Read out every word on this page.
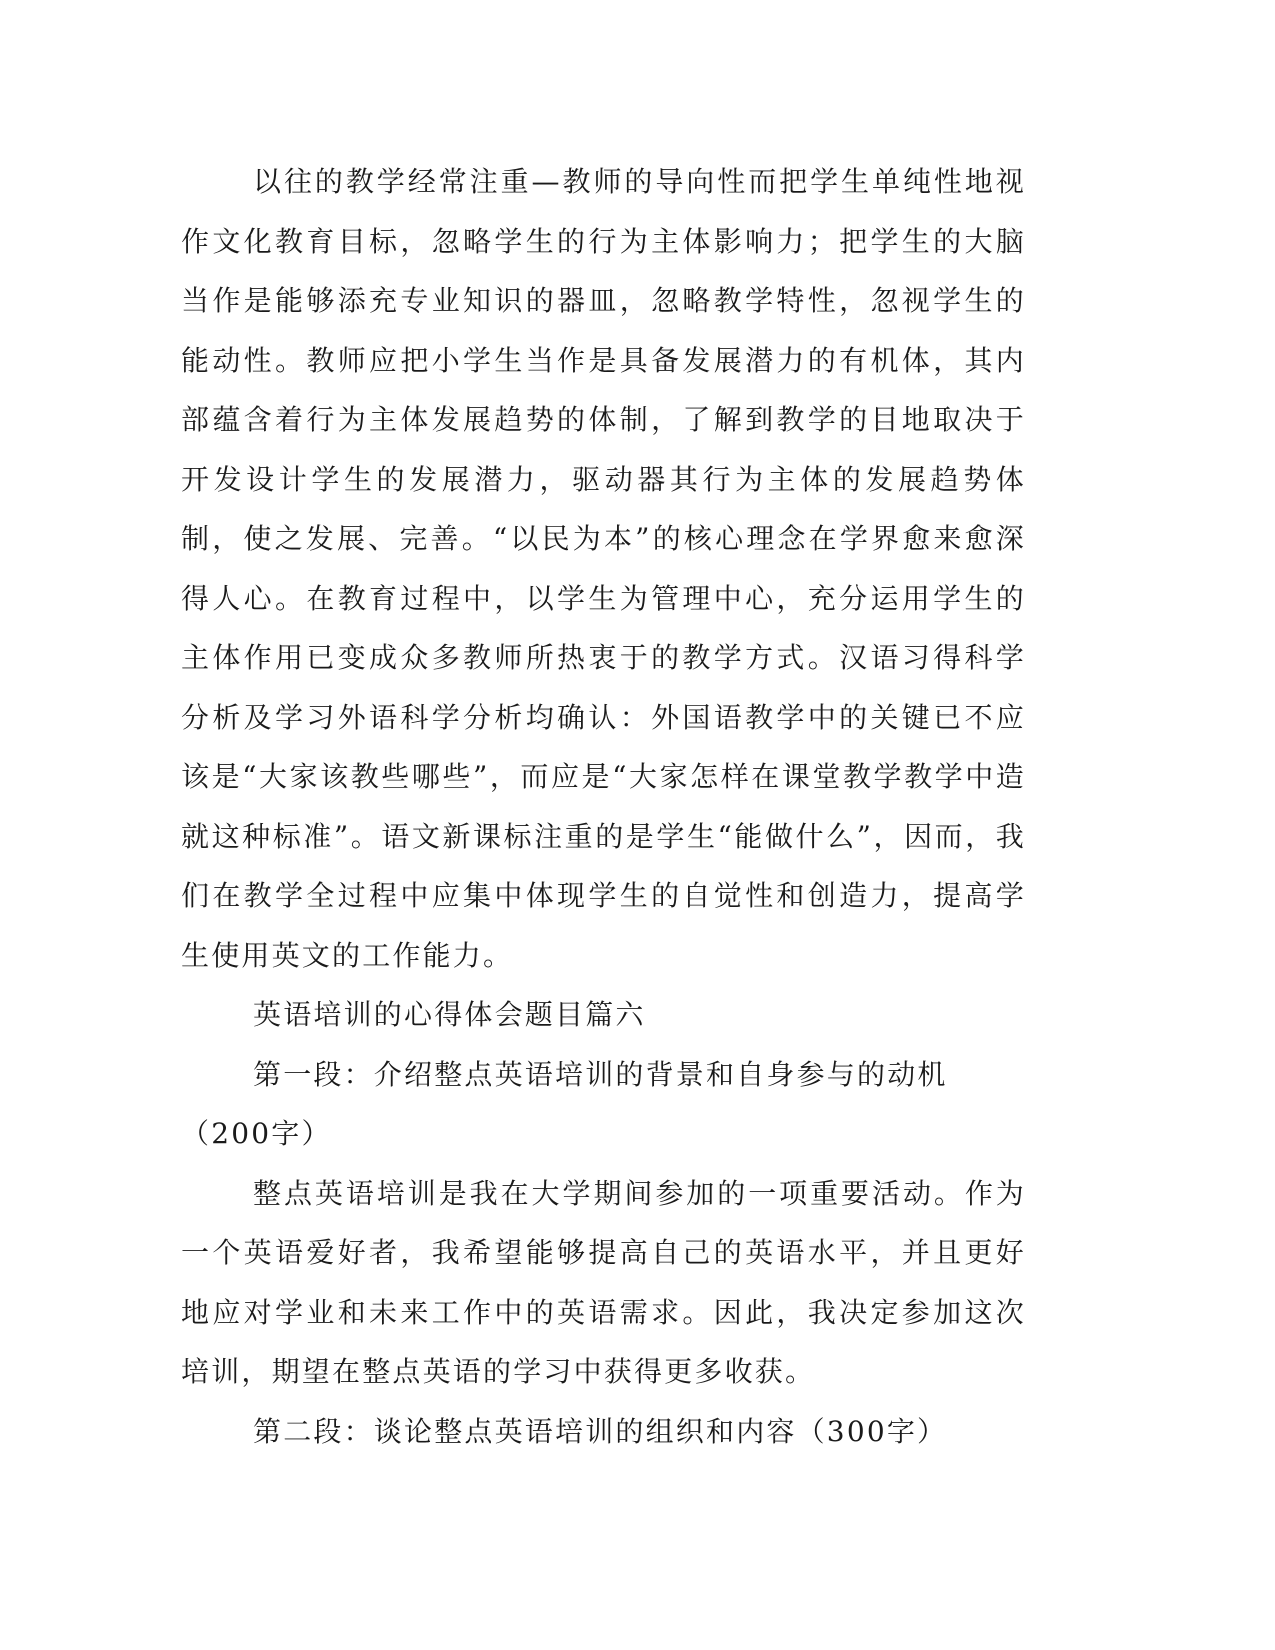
以往的教学经常注重—教师的导向性而把学生单纯性地视作文化教育目标，忽略学生的行为主体影响力；把学生的大脑当作是能够添充专业知识的器皿，忽略教学特性，忽视学生的能动性。教师应把小学生当作是具备发展潜力的有机体，其内部蕴含着行为主体发展趋势的体制，了解到教学的目地取决于开发设计学生的发展潜力，驱动器其行为主体的发展趋势体制，使之发展、完善。“以民为本”的核心理念在学界愈来愈深得人心。在教育过程中，以学生为管理中心，充分运用学生的主体作用已变成众多教师所热衷于的教学方式。汉语习得科学分析及学习外语科学分析均确认：外国语教学中的关键已不应该是“大家该教些哪些”，而应是“大家怎样在课堂教学教学中造就这种标准”。语文新课标注重的是学生“能做什么”，因而，我们在教学全过程中应集中体现学生的自觉性和创造力，提高学生使用英文的工作能力。

英语培训的心得体会题目篇六

第一段：介绍整点英语培训的背景和自身参与的动机（200字）

整点英语培训是我在大学期间参加的一项重要活动。作为一个英语爱好者，我希望能够提高自己的英语水平，并且更好地应对学业和未来工作中的英语需求。因此，我决定参加这次培训，期望在整点英语的学习中获得更多收获。

第二段：谈论整点英语培训的组织和内容（300字）
